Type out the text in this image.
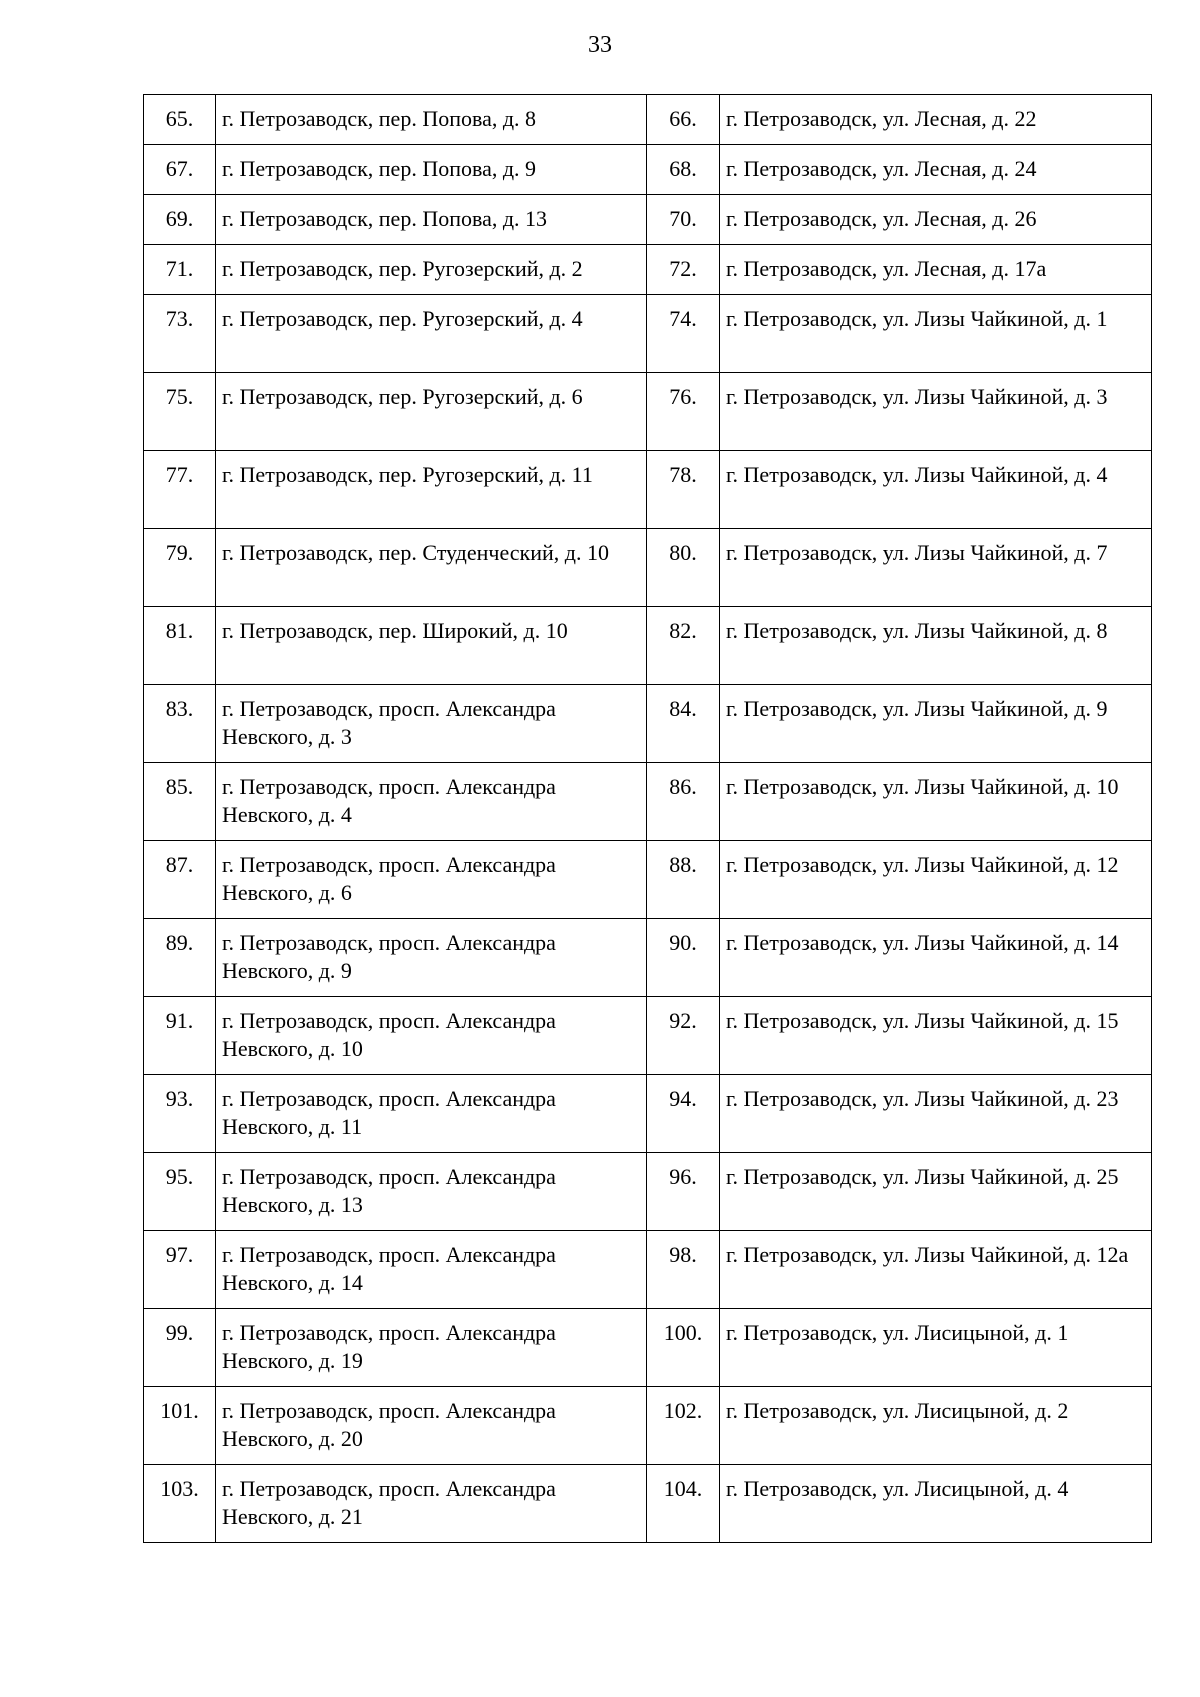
33
65.	г. Петрозаводск, пер. Попова, д. 8	66.	г. Петрозаводск, ул. Лесная, д. 22
67.	г. Петрозаводск, пер. Попова, д. 9	68.	г. Петрозаводск, ул. Лесная, д. 24
69.	г. Петрозаводск, пер. Попова, д. 13	70.	г. Петрозаводск, ул. Лесная, д. 26
71.	г. Петрозаводск, пер. Ругозерский, д. 2	72.	г. Петрозаводск, ул. Лесная, д. 17а
73.	г. Петрозаводск, пер. Ругозерский, д. 4	74.	г. Петрозаводск, ул. Лизы Чайкиной, д. 1
75.	г. Петрозаводск, пер. Ругозерский, д. 6	76.	г. Петрозаводск, ул. Лизы Чайкиной, д. 3
77.	г. Петрозаводск, пер. Ругозерский, д. 11	78.	г. Петрозаводск, ул. Лизы Чайкиной, д. 4
79.	г. Петрозаводск, пер. Студенческий, д. 10	80.	г. Петрозаводск, ул. Лизы Чайкиной, д. 7
81.	г. Петрозаводск, пер. Широкий, д. 10	82.	г. Петрозаводск, ул. Лизы Чайкиной, д. 8
83.	г. Петрозаводск, просп. Александра Невского, д. 3	84.	г. Петрозаводск, ул. Лизы Чайкиной, д. 9
85.	г. Петрозаводск, просп. Александра Невского, д. 4	86.	г. Петрозаводск, ул. Лизы Чайкиной, д. 10
87.	г. Петрозаводск, просп. Александра Невского, д. 6	88.	г. Петрозаводск, ул. Лизы Чайкиной, д. 12
89.	г. Петрозаводск, просп. Александра Невского, д. 9	90.	г. Петрозаводск, ул. Лизы Чайкиной, д. 14
91.	г. Петрозаводск, просп. Александра Невского, д. 10	92.	г. Петрозаводск, ул. Лизы Чайкиной, д. 15
93.	г. Петрозаводск, просп. Александра Невского, д. 11	94.	г. Петрозаводск, ул. Лизы Чайкиной, д. 23
95.	г. Петрозаводск, просп. Александра Невского, д. 13	96.	г. Петрозаводск, ул. Лизы Чайкиной, д. 25
97.	г. Петрозаводск, просп. Александра Невского, д. 14	98.	г. Петрозаводск, ул. Лизы Чайкиной, д. 12а
99.	г. Петрозаводск, просп. Александра Невского, д. 19	100.	г. Петрозаводск, ул. Лисицыной, д. 1
101.	г. Петрозаводск, просп. Александра Невского, д. 20	102.	г. Петрозаводск, ул. Лисицыной, д. 2
103.	г. Петрозаводск, просп. Александра Невского, д. 21	104.	г. Петрозаводск, ул. Лисицыной, д. 4
